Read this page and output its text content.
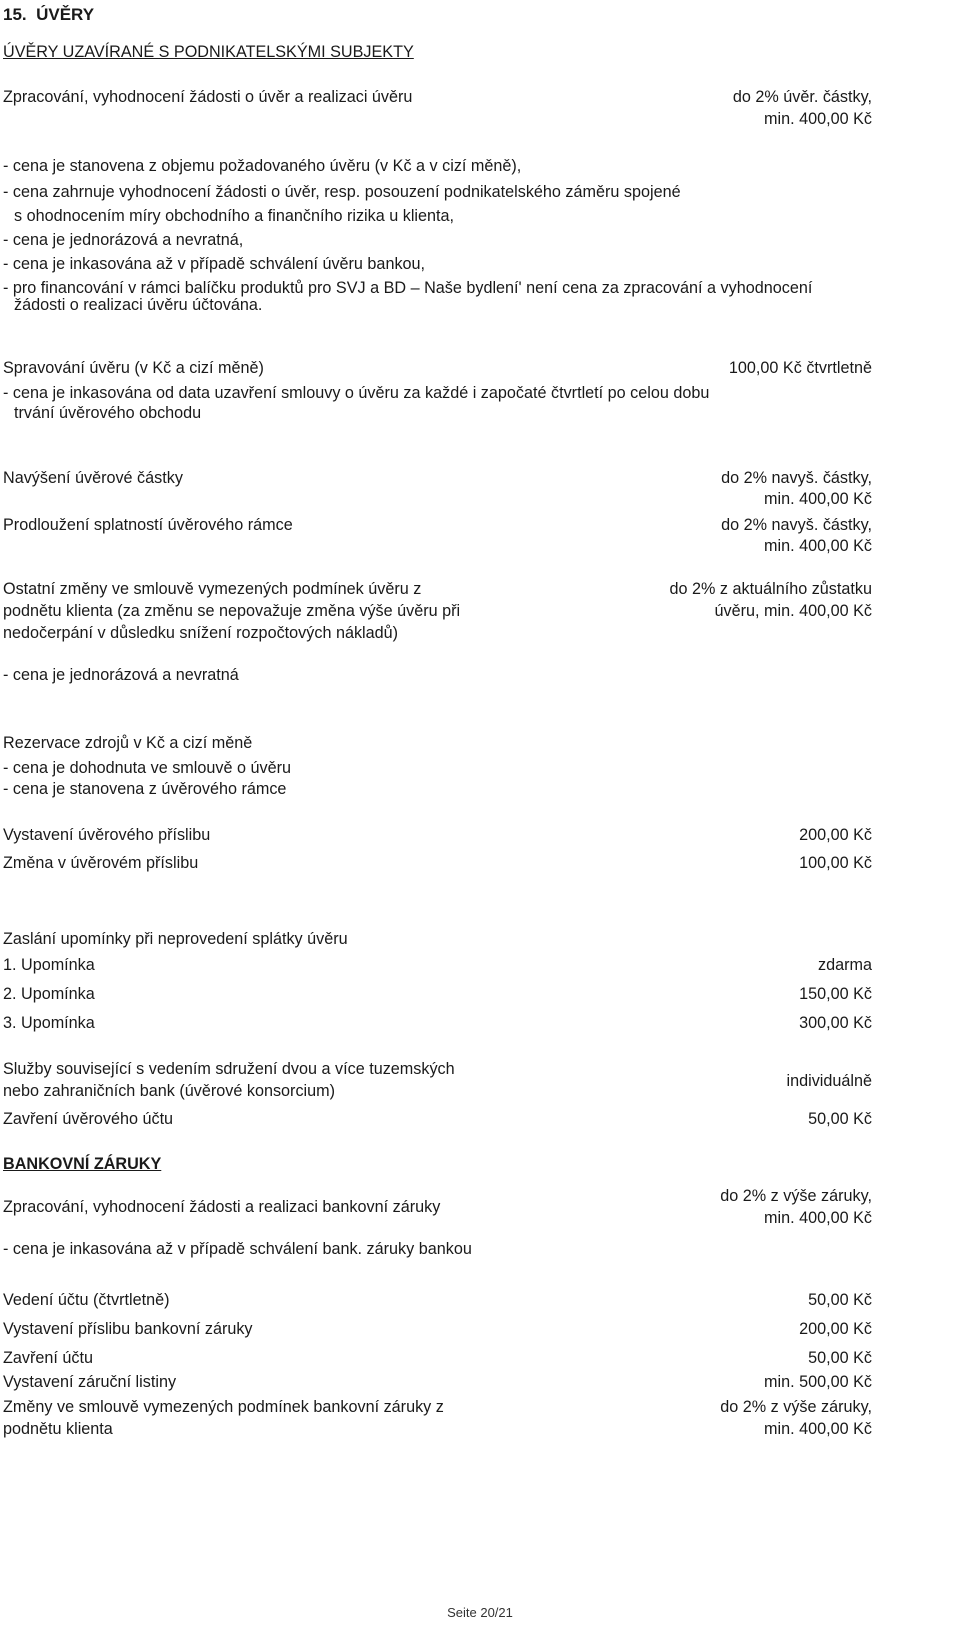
15. ÚVĚRY
ÚVĚRY UZAVÍRANÉ S PODNIKATELSKÝMI SUBJEKTY
Zpracování, vyhodnocení žádosti o úvěr a realizaci úvěru	do 2% úvěr. částky,
min. 400,00 Kč
- cena je stanovena z objemu požadovaného úvěru (v Kč a v cizí měně),
- cena zahrnuje vyhodnocení žádosti o úvěr, resp. posouzení podnikatelského záměru spojené
s ohodnocením míry obchodního a finančního rizika u klienta,
- cena je jednorázová a nevratná,
- cena je inkasována až v případě schválení úvěru bankou,
- pro financování v rámci balíčku produktů pro SVJ a BD – Naše bydlení' není cena za zpracování a vyhodnocení
žádosti o realizaci úvěru účtována.
Spravování úvěru (v Kč a cizí měně)	100,00 Kč čtvrtletně
- cena je inkasována od data uzavření smlouvy o úvěru za každé i započaté čtvrtletí po celou dobu
trvání úvěrového obchodu
Navýšení úvěrové částky	do 2% navyš. částky,
min. 400,00 Kč
Prodloužení splatností úvěrového rámce	do 2% navyš. částky,
min. 400,00 Kč
Ostatní změny ve smlouvě vymezených podmínek úvěru z
podnětu klienta (za změnu se nepovažuje změna výše úvěru při
nedočerpání v důsledku snížení rozpočtových nákladů)
do 2% z aktuálního zůstatku
úvěru, min. 400,00 Kč
- cena je jednorázová a nevratná
Rezervace zdrojů v Kč a cizí měně
- cena je dohodnuta ve smlouvě o úvěru
- cena je stanovena z úvěrového rámce
Vystavení úvěrového příslibu	200,00 Kč
Změna v úvěrovém příslibu	100,00 Kč
Zaslání upomínky při neprovedení splátky úvěru
1. Upomínka	zdarma
2. Upomínka	150,00 Kč
3. Upomínka	300,00 Kč
Služby související s vedením sdružení dvou a více tuzemských
nebo zahraničních bank (úvěrové konsorcium)
individuálně
Zavření úvěrového účtu	50,00 Kč
BANKOVNÍ ZÁRUKY
Zpracování, vyhodnocení žádosti a realizaci bankovní záruky
do 2% z výše záruky,
min. 400,00 Kč
- cena je inkasována až v případě schválení bank. záruky bankou
Vedení účtu (čtvrtletně)	50,00 Kč
Vystavení příslibu bankovní záruky	200,00 Kč
Zavření účtu	50,00 Kč
Vystavení záruční listiny	min. 500,00 Kč
Změny ve smlouvě vymezených podmínek bankovní záruky z
podnětu klienta
do 2% z výše záruky,
min. 400,00 Kč
Seite 20/21
